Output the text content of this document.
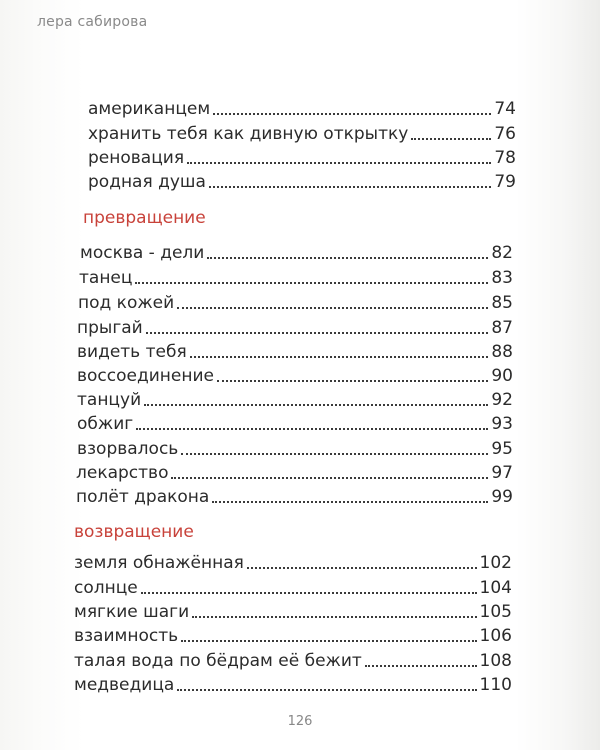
лера сабирова
американцем	74
хранить тебя как дивную открытку	76
реновация	78
родная душа	79
превращение
москва - дели	82
танец	83
под кожей	85
прыгай	87
видеть тебя	88
воссоединение	90
танцуй	92
обжиг	93
взорвалось	95
лекарство	97
полёт дракона	99
возвращение
земля обнажённая	102
солнце	104
мягкие шаги	105
взаимность	106
талая вода по бёдрам её бежит	108
медведица	110
126
